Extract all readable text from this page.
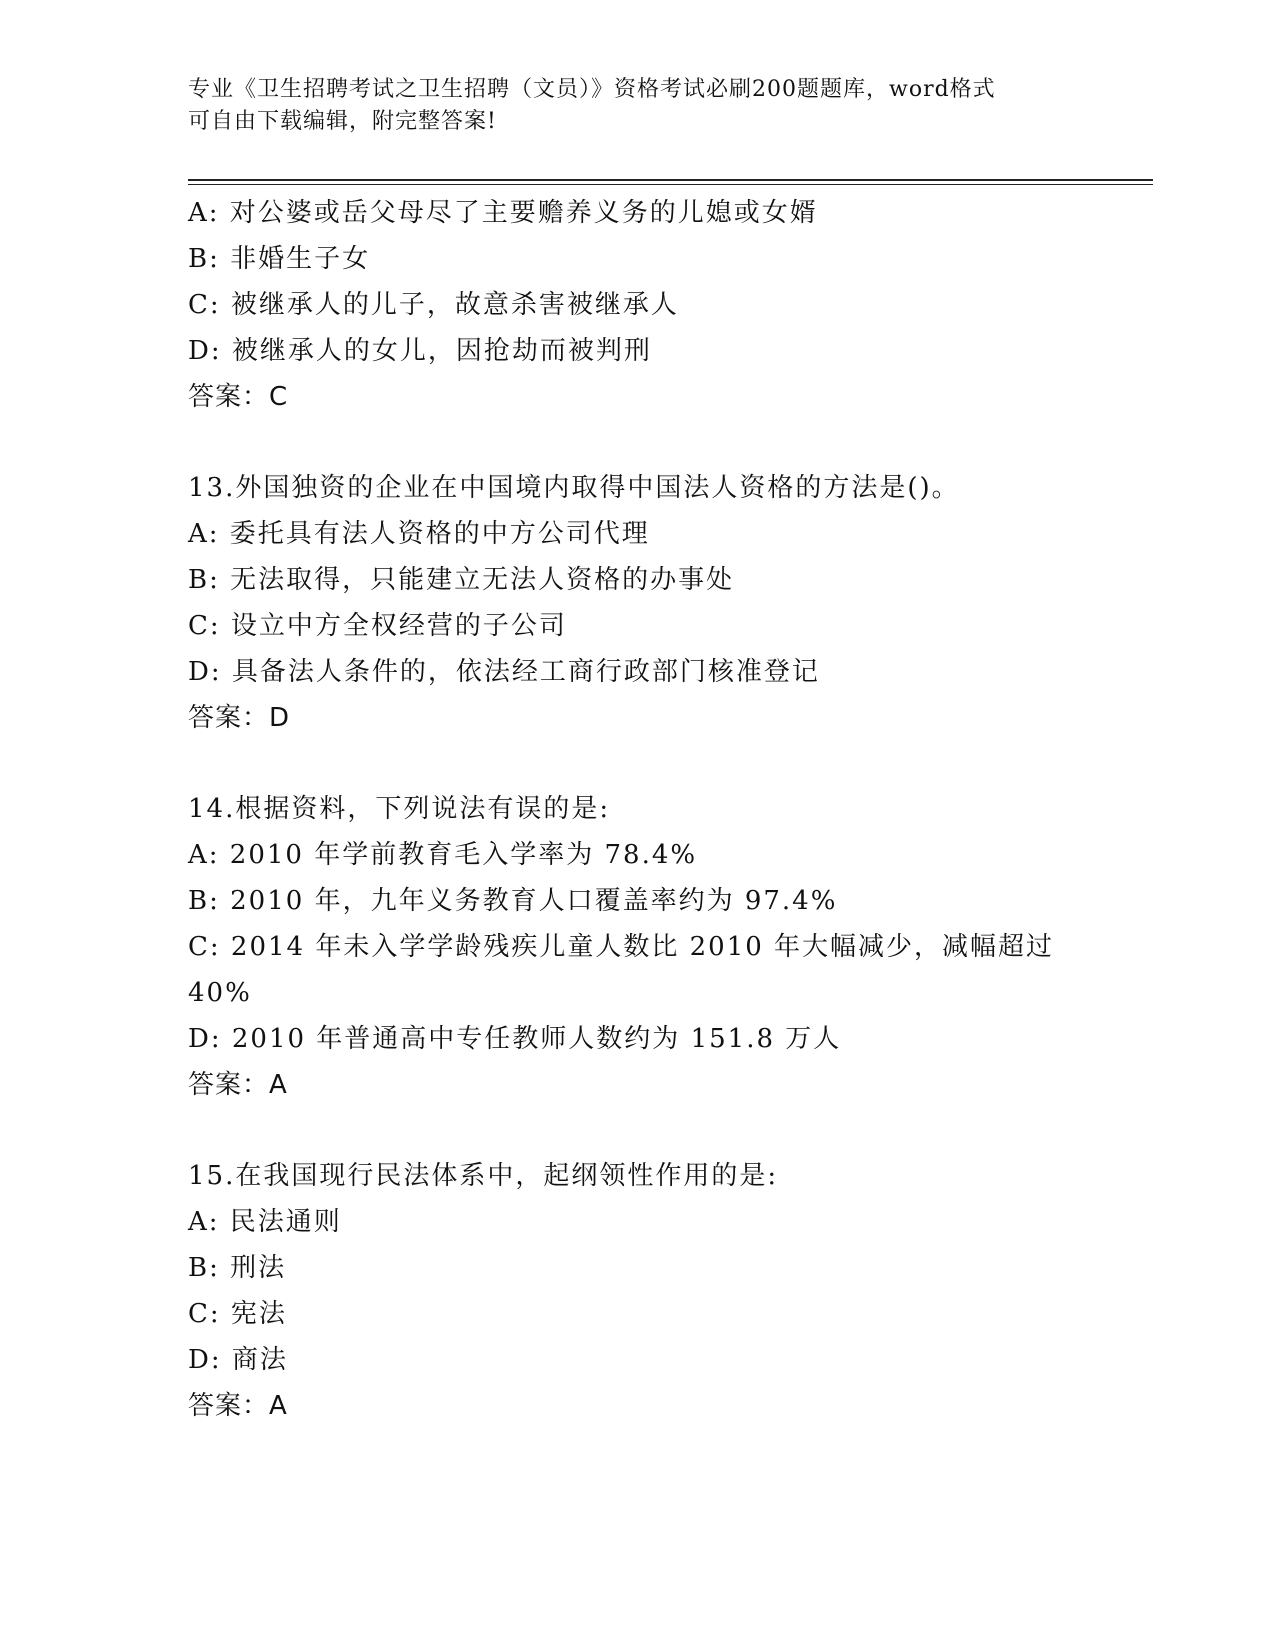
专业《卫生招聘考试之卫生招聘（文员）》资格考试必刷200题题库，word格式
可自由下载编辑，附完整答案!
A: 对公婆或岳父母尽了主要赡养义务的儿媳或女婿
B: 非婚生子女
C: 被继承人的儿子，故意杀害被继承人
D: 被继承人的女儿，因抢劫而被判刑
答案：C
13.外国独资的企业在中国境内取得中国法人资格的方法是()。
A: 委托具有法人资格的中方公司代理
B: 无法取得，只能建立无法人资格的办事处
C: 设立中方全权经营的子公司
D: 具备法人条件的，依法经工商行政部门核准登记
答案：D
14.根据资料，下列说法有误的是:
A: 2010 年学前教育毛入学率为 78.4%
B: 2010 年，九年义务教育人口覆盖率约为 97.4%
C: 2014 年未入学学龄残疾儿童人数比 2010 年大幅减少，减幅超过
40%
D: 2010 年普通高中专任教师人数约为 151.8 万人
答案：A
15.在我国现行民法体系中，起纲领性作用的是:
A: 民法通则
B: 刑法
C: 宪法
D: 商法
答案：A
